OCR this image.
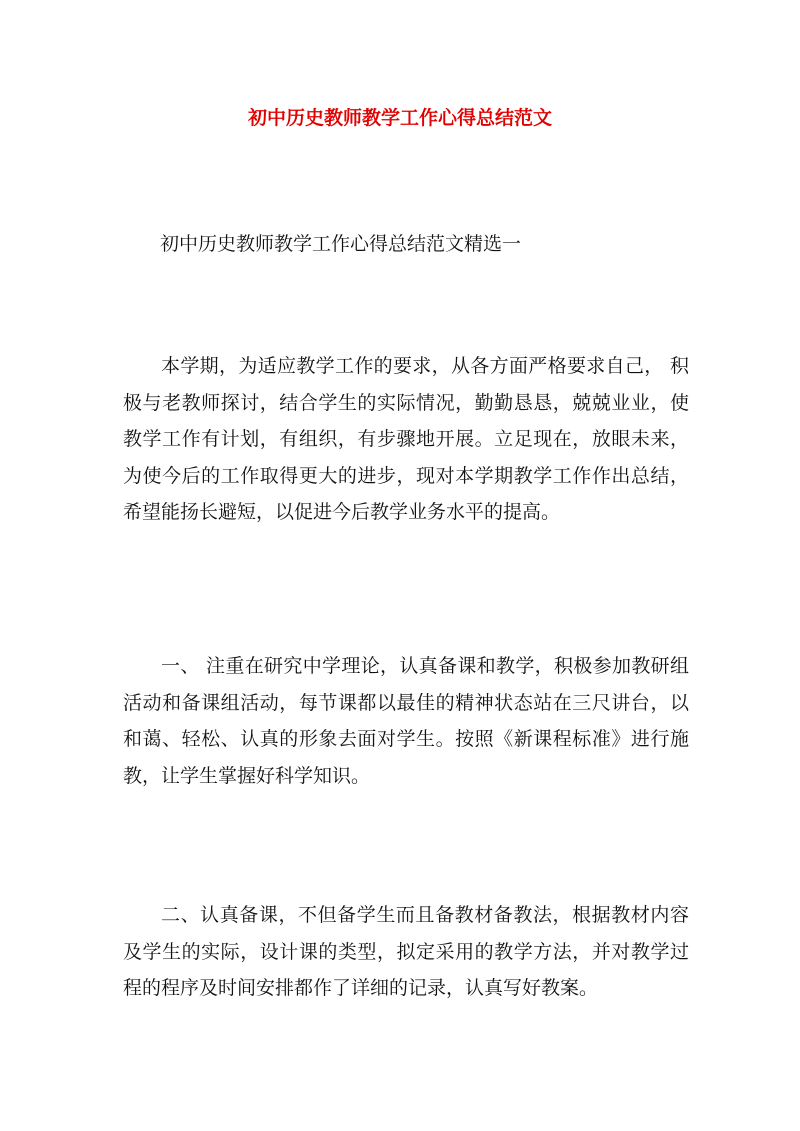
初中历史教师教学工作心得总结范文
初中历史教师教学工作心得总结范文精选一
本学期，为适应教学工作的要求，从各方面严格要求自己， 积极与老教师探讨，结合学生的实际情况，勤勤恳恳，兢兢业业，使教学工作有计划，有组织，有步骤地开展。立足现在，放眼未来，为使今后的工作取得更大的进步，现对本学期教学工作作出总结，希望能扬长避短，以促进今后教学业务水平的提高。
一、 注重在研究中学理论，认真备课和教学，积极参加教研组活动和备课组活动，每节课都以最佳的精神状态站在三尺讲台，以和蔼、轻松、认真的形象去面对学生。按照《新课程标准》进行施教，让学生掌握好科学知识。
二、认真备课，不但备学生而且备教材备教法，根据教材内容及学生的实际，设计课的类型，拟定采用的教学方法，并对教学过程的程序及时间安排都作了详细的记录，认真写好教案。
